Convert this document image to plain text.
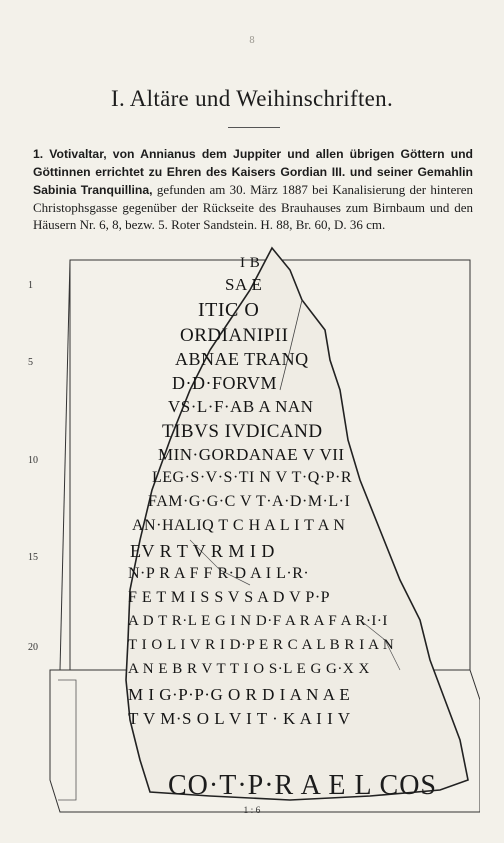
8
I. Altäre und Weihinschriften.
1. Votivaltar, von Annianus dem Juppiter und allen übrigen Göttern und Göttinnen errichtet zu Ehren des Kaisers Gordian III. und seiner Gemahlin Sabinia Tranquillina, gefunden am 30. März 1887 bei Kanalisierung der hinteren Christophsgasse gegenüber der Rückseite des Brauhauses zum Birnbaum und den Häusern Nr. 6, 8, bezw. 5. Roter Sandstein. H. 88, Br. 60, D. 36 cm.
1
5
10
15
20
I B
SA E
ITIC O
ORDIANIPII
ABNAE TRANQ
D·D·FORVM
VS·L·F·AB A NAN
TIBVS IVDICAND
MIN·GORDANAE V VII
LEG·S·V·S·TI N V T·Q·P·R
FAM·G·G·C V T·A·D·M·L·I
AN·HALIQ T C H A L I T A N
EV R T V R M I D
N·P R A F F R·D A I L·R·
F E T M I S S V S A D V P·P
A D T R·L E G I N D·F A R A F A R·I·I
T I O L I V R I D·P E R C A L B R I A N
A N E B R V T T I O S·L E G G·X X
M I G·P·P·G O R D I A N A E
T V M·S O L V I T · K A I I V
CO·T·P·R A E L COS
1 : 6
